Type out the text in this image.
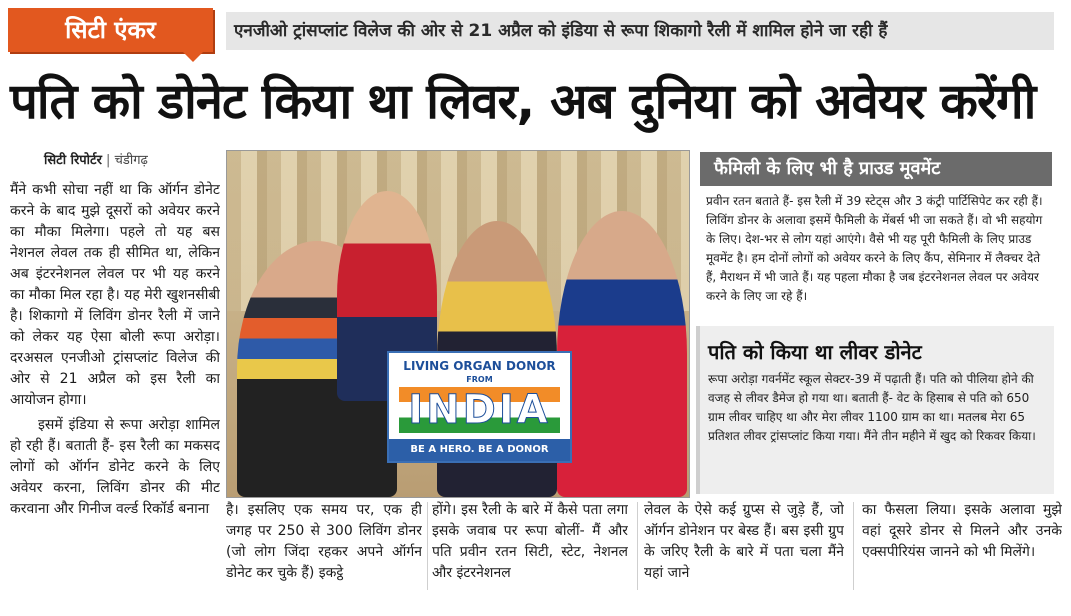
सिटी एंकर	एनजीओ ट्रांसप्लांट विलेज की ओर से 21 अप्रैल को इंडिया से रूपा शिकागो रैली में शामिल होने जा रही हैं
पति को डोनेट किया था लिवर, अब दुनिया को अवेयर करेंगी
सिटी रिपोर्टर | चंडीगढ़

मैंने कभी सोचा नहीं था कि ऑर्गन डोनेट करने के बाद मुझे दूसरों को अवेयर करने का मौका मिलेगा। पहले तो यह बस नेशनल लेवल तक ही सीमित था, लेकिन अब इंटरनेशनल लेवल पर भी यह करने का मौका मिल रहा है। यह मेरी खुशनसीबी है। शिकागो में लिविंग डोनर रैली में जाने को लेकर यह ऐसा बोली रूपा अरोड़ा। दरअसल एनजीओ ट्रांसप्लांट विलेज की ओर से 21 अप्रैल को इस रैली का आयोजन होगा।

इसमें इंडिया से रूपा अरोड़ा शामिल हो रही हैं। बताती हैं- इस रैली का मकसद लोगों को ऑर्गन डोनेट करने के लिए अवेयर करना, लिविंग डोनर की मीट करवाना और गिनीज वर्ल्ड रिकॉर्ड बनाना

LIVING ORGAN DONOR
FROM
INDIA
BE A HERO. BE A DONOR
फैमिली के लिए भी है प्राउड मूवमेंट
प्रवीन रतन बताते हैं- इस रैली में 39 स्टेट्स और 3 कंट्री पार्टिसिपेट कर रही हैं। लिविंग डोनर के अलावा इसमें फैमिली के मेंबर्स भी जा सकते हैं। वो भी सहयोग के लिए। देश-भर से लोग यहां आएंगे। वैसे भी यह पूरी फैमिली के लिए प्राउड मूवमेंट है। हम दोनों लोगों को अवेयर करने के लिए कैंप, सेमिनार में लैक्चर देते हैं, मैराथन में भी जाते हैं। यह पहला मौका है जब इंटरनेशनल लेवल पर अवेयर करने के लिए जा रहे हैं।
पति को किया था लीवर डोनेट
रूपा अरोड़ा गवर्नमेंट स्कूल सेक्टर-39 में पढ़ाती हैं। पति को पीलिया होने की वजह से लीवर डैमेज हो गया था। बताती हैं- वेट के हिसाब से पति को 650 ग्राम लीवर चाहिए था और मेरा लीवर 1100 ग्राम का था। मतलब मेरा 65 प्रतिशत लीवर ट्रांसप्लांट किया गया। मैंने तीन महीने में खुद को रिकवर किया।
है। इसलिए एक समय पर, एक ही जगह पर 250 से 300 लिविंग डोनर (जो लोग जिंदा रहकर अपने ऑर्गन डोनेट कर चुके हैं) इकट्ठे
होंगे। इस रैली के बारे में कैसे पता लगा इसके जवाब पर रूपा बोलीं- मैं और पति प्रवीन रतन सिटी, स्टेट, नेशनल और इंटरनेशनल
लेवल के ऐसे कई ग्रुप्स से जुड़े हैं, जो ऑर्गन डोनेशन पर बेस्ड हैं। बस इसी ग्रुप के जरिए रैली के बारे में पता चला मैंने यहां जाने
का फैसला लिया। इसके अलावा मुझे वहां दूसरे डोनर से मिलने और उनके एक्सपीरियंस जानने को भी मिलेंगे।
